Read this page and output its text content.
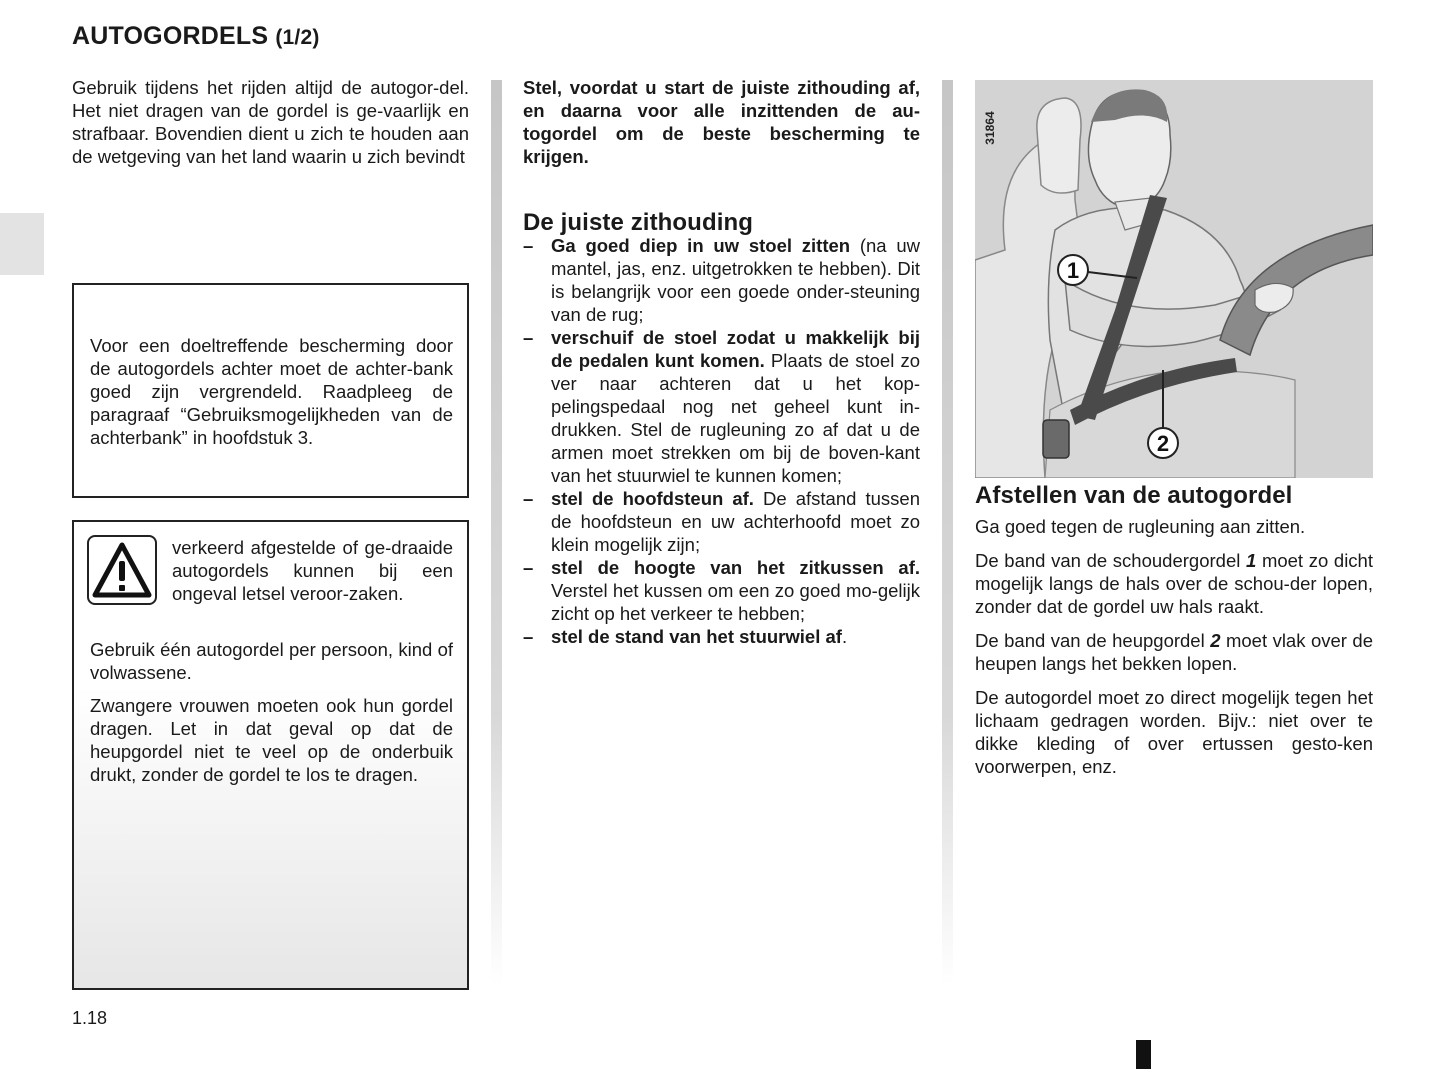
AUTOGORDELS (1/2)
Gebruik tijdens het rijden altijd de autogor-del. Het niet dragen van de gordel is ge-vaarlijk en strafbaar. Bovendien dient u zich te houden aan de wetgeving van het land waarin u zich bevindt

Voor een doeltreffende bescherming door de autogordels achter moet de achter-bank goed zijn vergrendeld. Raadpleeg de paragraaf “Gebruiksmogelijkheden van de achterbank” in hoofdstuk 3.

verkeerd afgestelde of ge-draaide autogordels kunnen bij een ongeval letsel veroor-zaken.

Gebruik één autogordel per persoon, kind of volwassene.

Zwangere vrouwen moeten ook hun gordel dragen. Let in dat geval op dat de heupgordel niet te veel op de onderbuik drukt, zonder de gordel te los te dragen.

Stel, voordat u start de juiste zithouding af, en daarna voor alle inzittenden de au-togordel om de beste bescherming te krijgen.

De juiste zithouding

– Ga goed diep in uw stoel zitten (na uw mantel, jas, enz. uitgetrokken te hebben). Dit is belangrijk voor een goede onder-steuning van de rug;
– verschuif de stoel zodat u makkelijk bij de pedalen kunt komen. Plaats de stoel zo ver naar achteren dat u het kop-pelingspedaal nog net geheel kunt in-drukken. Stel de rugleuning zo af dat u de armen moet strekken om bij de boven-kant van het stuurwiel te kunnen komen;
– stel de hoofdsteun af. De afstand tussen de hoofdsteun en uw achterhoofd moet zo klein mogelijk zijn;
– stel de hoogte van het zitkussen af. Verstel het kussen om een zo goed mo-gelijk zicht op het verkeer te hebben;
– stel de stand van het stuurwiel af.
31864
1
2

Afstellen van de autogordel

Ga goed tegen de rugleuning aan zitten.

De band van de schoudergordel 1 moet zo dicht mogelijk langs de hals over de schou-der lopen, zonder dat de gordel uw hals raakt.

De band van de heupgordel 2 moet vlak over de heupen langs het bekken lopen.

De autogordel moet zo direct mogelijk tegen het lichaam gedragen worden. Bijv.: niet over te dikke kleding of over ertussen gesto-ken voorwerpen, enz.

1.18
